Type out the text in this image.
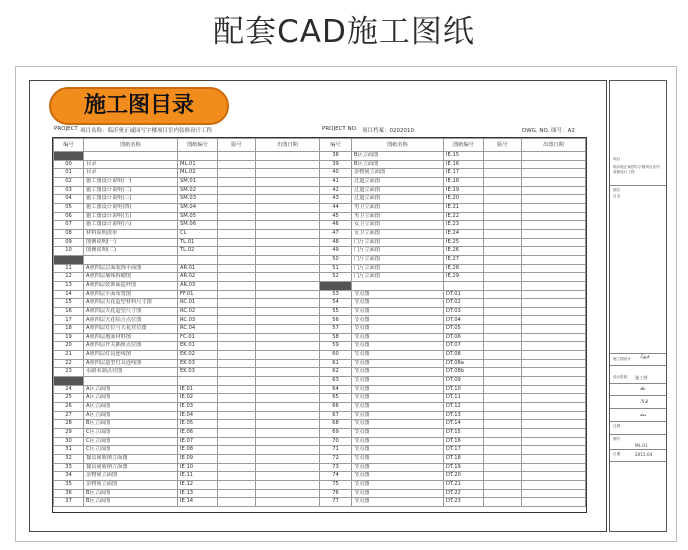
配套CAD施工图纸
施工图目录
PROJECT 项目名称：临沂奥正诚园写字楼项目室内装修设计工程	PROJECT NO. 项目档案：0202010	DWG. NO. 图号：A2
编号	图纸名称	图纸编号	版号	出图日期

00	目录	ML.01		
01	目录	ML.02		
02	施工图设计说明(一)	SM.01		
03	施工图设计说明(二)	SM.02		
04	施工图设计说明(三)	SM.03		
05	施工图设计说明(四)	SM.04		
06	施工图设计说明(五)	SM.05		
07	施工图设计说明(六)	SM.06		
08	材料说明清单	CL		
09	图例说明(一)	TL.01		
10	图例说明(二)	TL.02		

11	A座四层总面装饰平面图	AR.01		
12	A座四层墙体拆砌图	AR.02		
13	A座四层装饰面造样图	AR.03		
14	A座四层平面布置图	FF.01		
15	A座四层天花造型材料尺寸图	RC.01		
16	A座四层天花造型尺寸图	RC.02		
17	A座四层天花综合点位图	RC.03		
18	A座四层灯位与天花对位图	RC.04		
19	A座四层地面材料图	FC.01		
20	A座四层开关插座点位图	EK.01		
21	A座四层灯具连线图	EK.02		
22	A座四层造型灯具连线图	EK.03		
23	水路末端点位图	EK.03		

24	A区立面图	IE.01		
25	A区立面图	IE.02		
26	A区立面图	IE.03		
27	A区立面图	IE.04		
28	B区立面图	IE.05		
29	C区立面图	IE.06		
30	C区立面图	IE.07		
31	C区立面图	IE.08		
32	餐具间收纳立面图	IE.09		
33	餐具间收纳立面图	IE.10		
34	杂物间立面图	IE.11		
35	杂物间立面图	IE.12		
36	B区立面图	IE.13		
37	B区立面图	IE.14		
编号	图纸名称	图纸编号	版号	出图日期
38	B区立面图	IE.15		
39	B区立面图	IE.16		
40	杂物间立面图	IE.17		
41	过道立面图	IE.18		
42	过道立面图	IE.19		
43	过道立面图	IE.20		
44	男卫立面图	IE.21		
45	男卫立面图	IE.22		
46	女卫立面图	IE.23		
47	女卫立面图	IE.24		
48	门厅立面图	IE.25		
49	门厅立面图	IE.26		
50	门厅立面图	IE.27		
51	门厅立面图	IE.28		
52	门厅立面图	IE.29		

53	节点图	DT.01		
54	节点图	DT.02		
55	节点图	DT.03		
56	节点图	DT.04		
57	节点图	DT.05		
58	节点图	DT.06		
59	节点图	DT.07		
60	节点图	DT.08		
61	节点图	DT.08a		
62	节点图	DT.08b		
63	节点图	DT.09		
64	节点图	DT.10		
65	节点图	DT.11		
66	节点图	DT.12		
67	节点图	DT.13		
68	节点图	DT.14		
69	节点图	DT.15		
70	节点图	DT.16		
71	节点图	DT.17		
72	节点图	DT.18		
73	节点图	DT.19		
74	节点图	DT.20		
75	节点图	DT.21		
76	节点图	DT.22		
77	节点图	DT.23		
项目
临沂奥正诚园写字楼项目室内装修设计工程
图名
目录
施工图设计 ℰ𝓎𝓅
设计阶段 施工图
𝓁𝓌
ℋ𝓀
𝓂𝓈
比例
图号
ML.01
日期	2015.04
